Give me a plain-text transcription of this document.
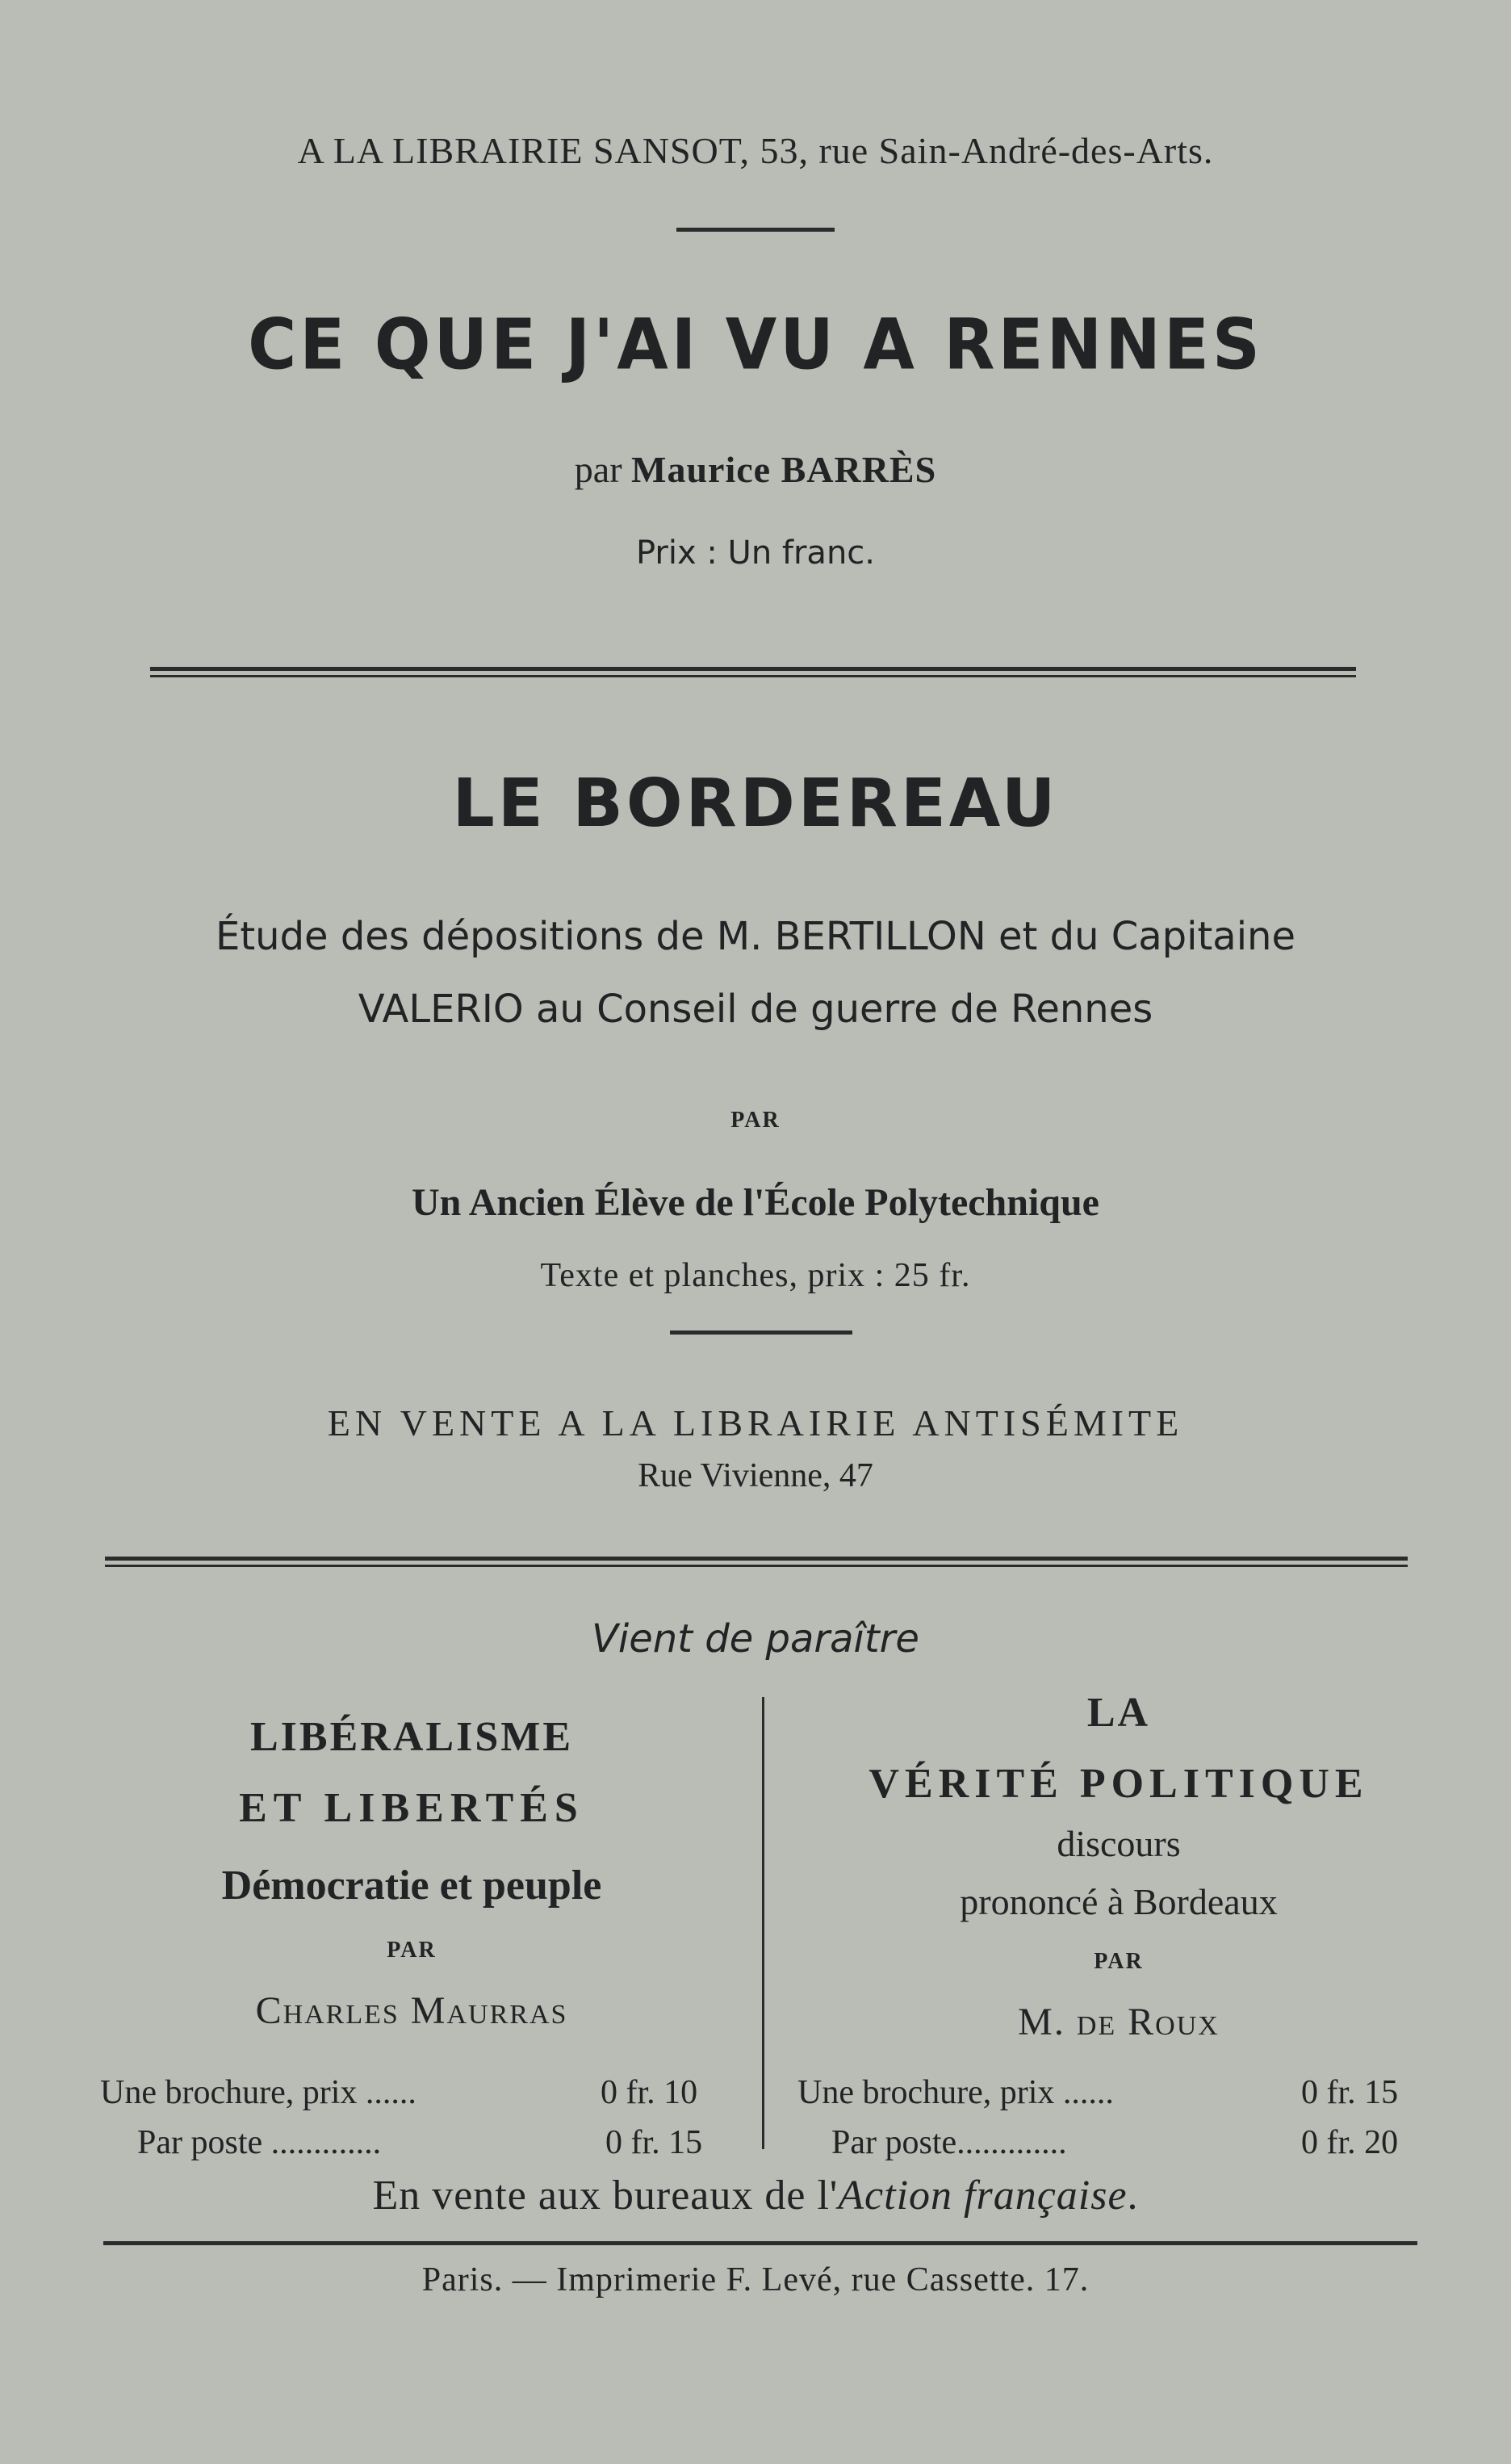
A LA LIBRAIRIE SANSOT, 53, rue Sain-André-des-Arts.
CE QUE J'AI VU A RENNES
par Maurice BARRÈS
Prix : Un franc.
LE BORDEREAU
Étude des dépositions de M. BERTILLON et du Capitaine
VALERIO au Conseil de guerre de Rennes
PAR
Un Ancien Élève de l'École Polytechnique
Texte et planches, prix : 25 fr.
EN VENTE A LA LIBRAIRIE ANTISÉMITE
Rue Vivienne, 47
Vient de paraître
LIBÉRALISME
ET LIBERTÉS
Démocratie et peuple
PAR
Charles Maurras
Une brochure, prix ......	0 fr. 10
Par poste .............	0 fr. 15
LA
VÉRITÉ POLITIQUE
discours
prononcé à Bordeaux
PAR
M. de Roux
Une brochure, prix ......	0 fr. 15
Par poste.............	0 fr. 20
En vente aux bureaux de l'Action française.
Paris. — Imprimerie F. Levé, rue Cassette. 17.
